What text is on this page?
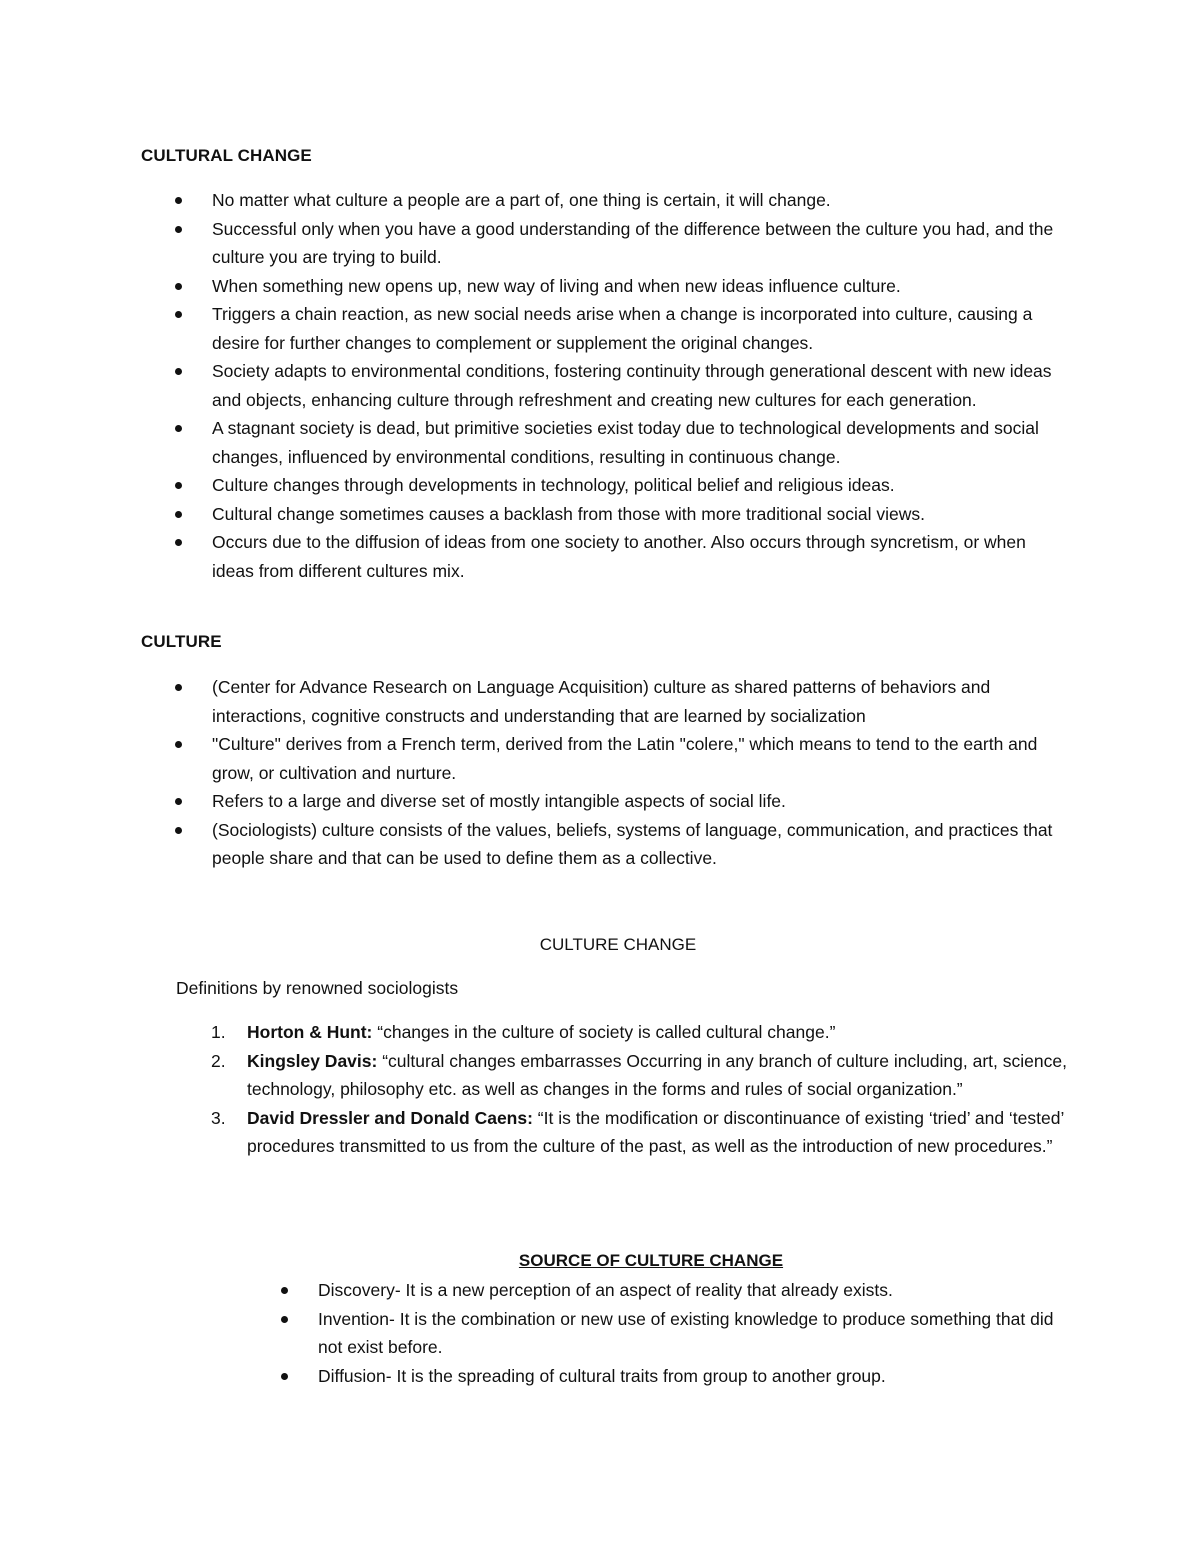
CULTURAL CHANGE
No matter what culture a people are a part of, one thing is certain, it will change.
Successful only when you have a good understanding of the difference between the culture you had, and the culture you are trying to build.
When something new opens up, new way of living and when new ideas influence culture.
Triggers a chain reaction, as new social needs arise when a change is incorporated into culture, causing a desire for further changes to complement or supplement the original changes.
Society adapts to environmental conditions, fostering continuity through generational descent with new ideas and objects, enhancing culture through refreshment and creating new cultures for each generation.
A stagnant society is dead, but primitive societies exist today due to technological developments and social changes, influenced by environmental conditions, resulting in continuous change.
Culture changes through developments in technology, political belief and religious ideas.
Cultural change sometimes causes a backlash from those with more traditional social views.
Occurs due to the diffusion of ideas from one society to another. Also occurs through syncretism, or when ideas from different cultures mix.
CULTURE
(Center for Advance Research on Language Acquisition) culture as shared patterns of behaviors and interactions, cognitive constructs and understanding that are learned by socialization
"Culture" derives from a French term, derived from the Latin "colere," which means to tend to the earth and grow, or cultivation and nurture.
Refers to a large and diverse set of mostly intangible aspects of social life.
(Sociologists) culture consists of the values, beliefs, systems of language, communication, and practices that people share and that can be used to define them as a collective.
CULTURE CHANGE
Definitions by renowned sociologists
1. Horton & Hunt: “changes in the culture of society is called cultural change.”
2. Kingsley Davis: “cultural changes embarrasses Occurring in any branch of culture including, art, science, technology, philosophy etc. as well as changes in the forms and rules of social organization.”
3. David Dressler and Donald Caens: “It is the modification or discontinuance of existing ‘tried’ and ‘tested’ procedures transmitted to us from the culture of the past, as well as the introduction of new procedures.”
SOURCE OF CULTURE CHANGE
Discovery- It is a new perception of an aspect of reality that already exists.
Invention- It is the combination or new use of existing knowledge to produce something that did not exist before.
Diffusion- It is the spreading of cultural traits from group to another group.
